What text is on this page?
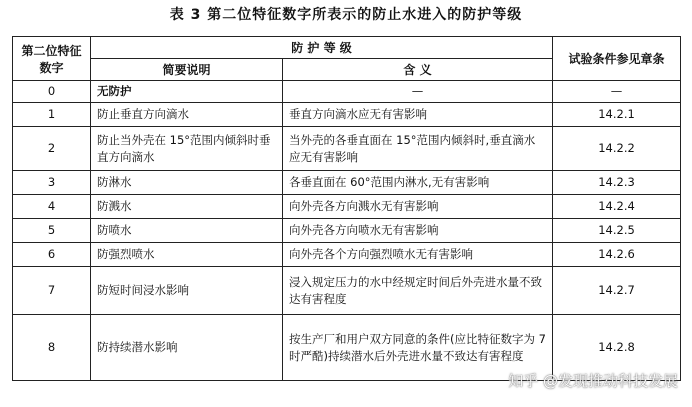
表 3 第二位特征数字所表示的防止水进入的防护等级
第二位特征数字	防 护 等 级		试验条件参见章条
	简要说明	含 义	
0	无防护	—	—
1	防止垂直方向滴水	垂直方向滴水应无有害影响	14.2.1
2	防止当外壳在 15°范围内倾斜时垂直方向滴水	当外壳的各垂直面在 15°范围内倾斜时,垂直滴水应无有害影响	14.2.2
3	防淋水	各垂直面在 60°范围内淋水,无有害影响	14.2.3
4	防溅水	向外壳各方向溅水无有害影响	14.2.4
5	防喷水	向外壳各方向喷水无有害影响	14.2.5
6	防强烈喷水	向外壳各个方向强烈喷水无有害影响	14.2.6
7	防短时间浸水影响	浸入规定压力的水中经规定时间后外壳进水量不致达有害程度	14.2.7
8	防持续潜水影响	按生产厂和用户双方同意的条件(应比特征数字为 7 时严酷)持续潜水后外壳进水量不致达有害程度	14.2.8
知乎 @发现推动科技发展
